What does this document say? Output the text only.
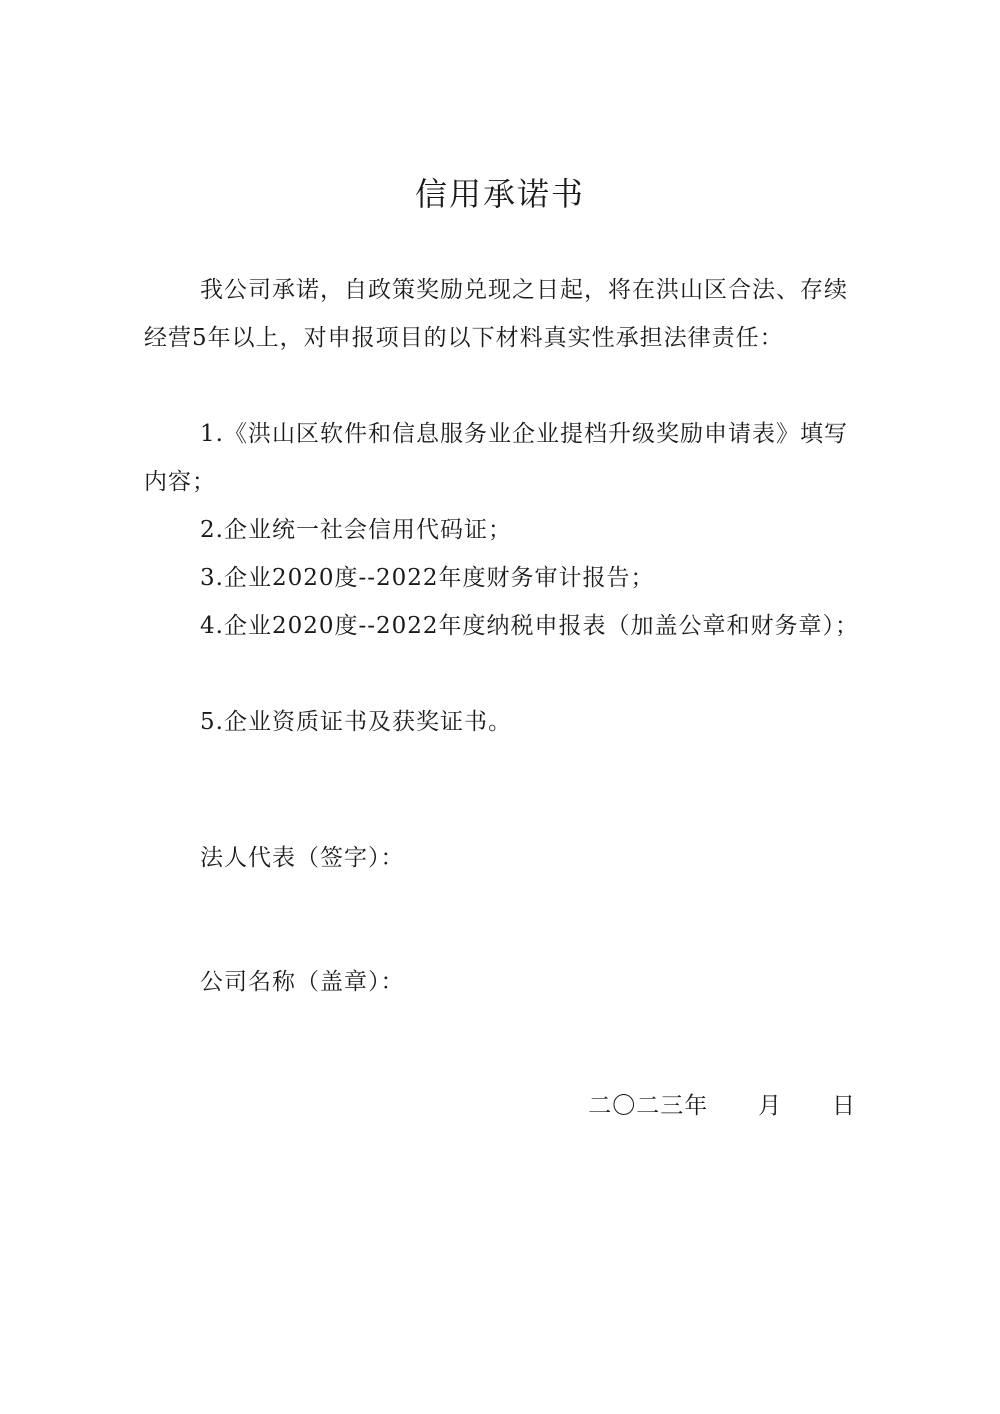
信用承诺书

我公司承诺，自政策奖励兑现之日起，将在洪山区合法、存续经营5年以上，对申报项目的以下材料真实性承担法律责任：

1.《洪山区软件和信息服务业企业提档升级奖励申请表》填写内容；

2.企业统一社会信用代码证；

3.企业2020度--2022年度财务审计报告；

4.企业2020度--2022年度纳税申报表（加盖公章和财务章）；

5.企业资质证书及获奖证书。

法人代表（签字）：

公司名称（盖章）：

二〇二三年      月      日
